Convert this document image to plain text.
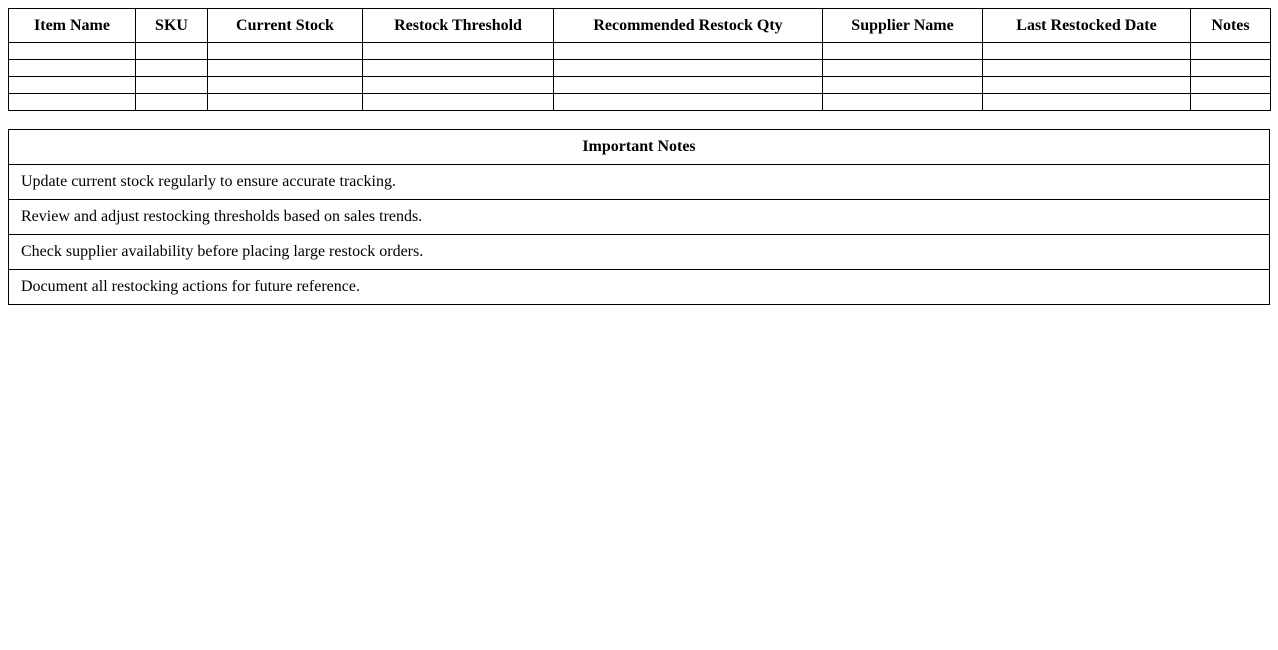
Item Name	SKU	Current Stock	Restock Threshold	Recommended Restock Qty	Supplier Name	Last Restocked Date	Notes

Important Notes
Update current stock regularly to ensure accurate tracking.
Review and adjust restocking thresholds based on sales trends.
Check supplier availability before placing large restock orders.
Document all restocking actions for future reference.
